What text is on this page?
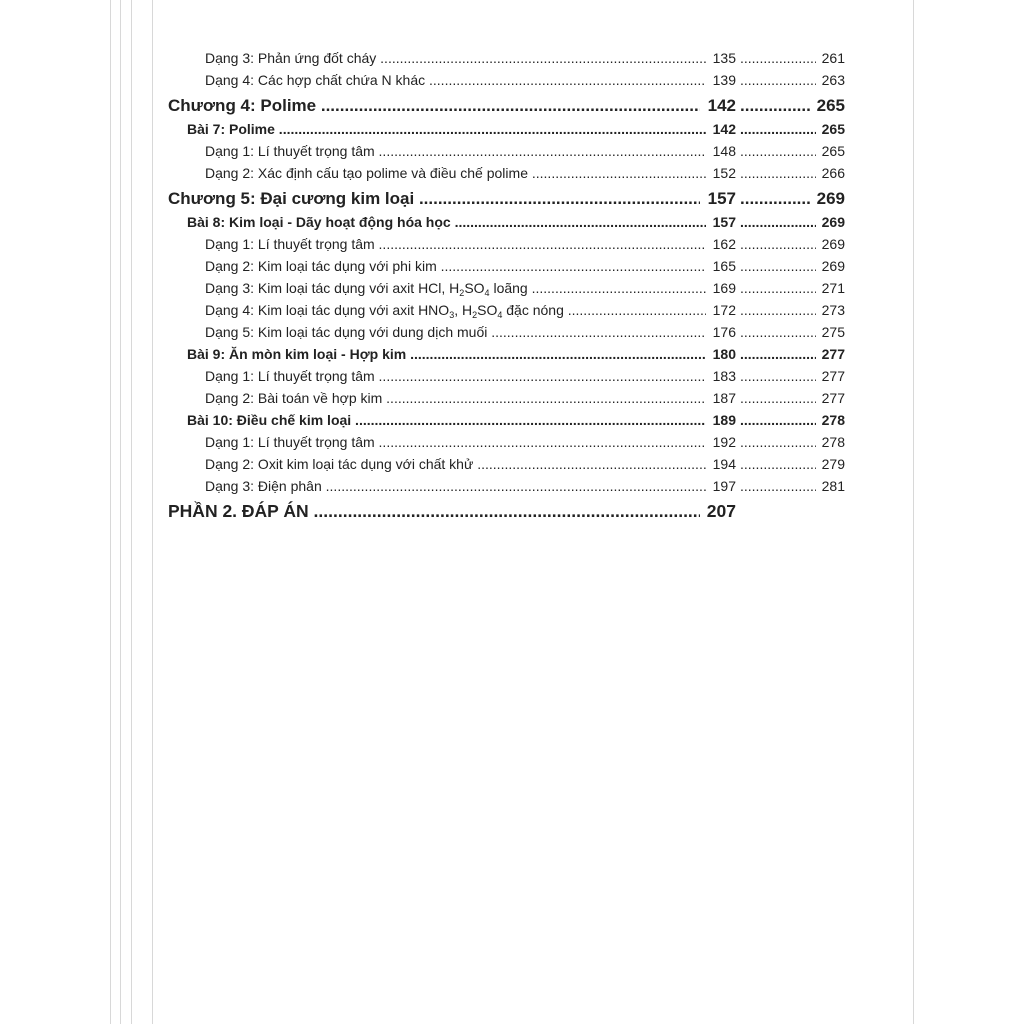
Dạng 3: Phản ứng đốt cháy .....	135 .....	261
Dạng 4: Các hợp chất chứa N khác .....	139 .....	263
Chương 4: Polime .....	142 .....	265
Bài 7: Polime .....	142 .....	265
Dạng 1: Lí thuyết trọng tâm .....	148 .....	265
Dạng 2: Xác định cấu tạo polime và điều chế polime .....	152 .....	266
Chương 5: Đại cương kim loại .....	157 .....	269
Bài 8: Kim loại - Dãy hoạt động hóa học .....	157 .....	269
Dạng 1: Lí thuyết trọng tâm .....	162 .....	269
Dạng 2: Kim loại tác dụng với phi kim .....	165 .....	269
Dạng 3: Kim loại tác dụng với axit HCl, $H_2SO_4$ loãng .....	169 .....	271
Dạng 4: Kim loại tác dụng với axit $HNO_3$, $H_2SO_4$ đặc nóng .....	172 .....	273
Dạng 5: Kim loại tác dụng với dung dịch muối .....	176 .....	275
Bài 9: Ăn mòn kim loại - Hợp kim .....	180 .....	277
Dạng 1: Lí thuyết trọng tâm .....	183 .....	277
Dạng 2: Bài toán về hợp kim .....	187 .....	277
Bài 10: Điều chế kim loại .....	189 .....	278
Dạng 1: Lí thuyết trọng tâm .....	192 .....	278
Dạng 2: Oxit kim loại tác dụng với chất khử .....	194 .....	279
Dạng 3: Điện phân .....	197 .....	281
PHẦN 2. ĐÁP ÁN .....	207
